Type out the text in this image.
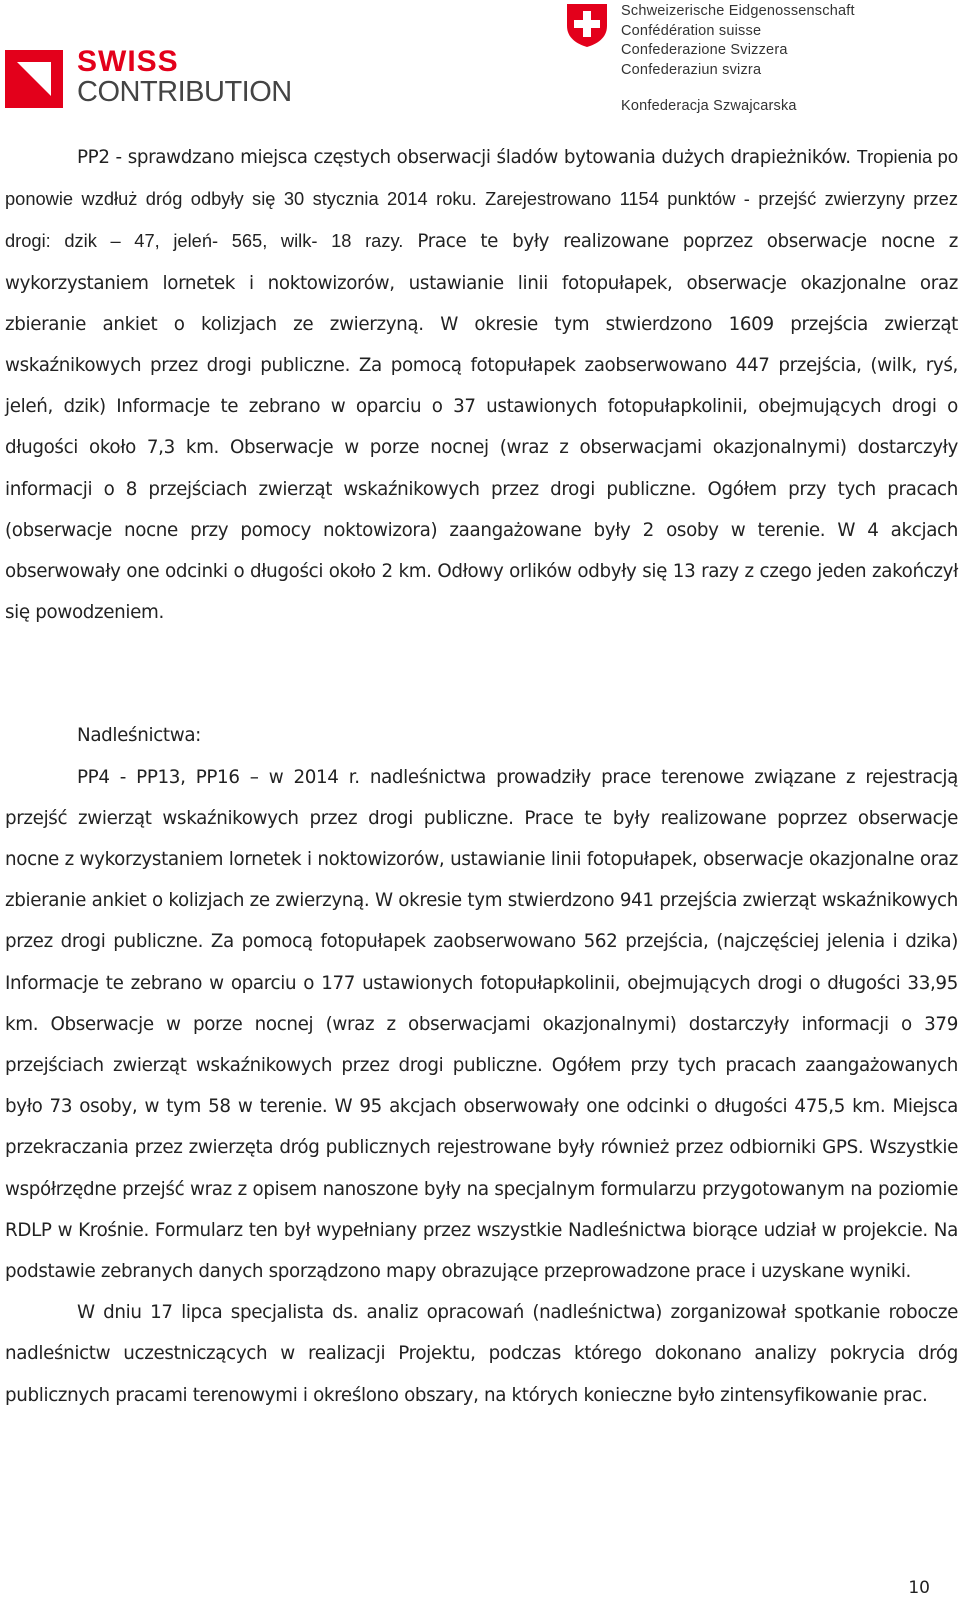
SWISS
CONTRIBUTION
Schweizerische Eidgenossenschaft
Confédération suisse
Confederazione Svizzera
Confederaziun svizra
Konfederacja Szwajcarska

PP2 - sprawdzano miejsca częstych obserwacji śladów bytowania dużych drapieżników. Tropienia po ponowie wzdłuż dróg odbyły się 30 stycznia 2014 roku. Zarejestrowano 1154 punktów - przejść zwierzyny przez drogi: dzik – 47, jeleń- 565, wilk- 18 razy. Prace te były realizowane poprzez obserwacje nocne z wykorzystaniem lornetek i noktowizorów, ustawianie linii fotopułapek, obserwacje okazjonalne oraz zbieranie ankiet o kolizjach ze zwierzyną. W okresie tym stwierdzono 1609 przejścia zwierząt wskaźnikowych przez drogi publiczne. Za pomocą fotopułapek zaobserwowano 447 przejścia, (wilk, ryś, jeleń, dzik) Informacje te zebrano w oparciu o 37 ustawionych fotopułapkolinii, obejmujących drogi o długości około 7,3 km. Obserwacje w porze nocnej (wraz z obserwacjami okazjonalnymi) dostarczyły informacji o 8 przejściach zwierząt wskaźnikowych przez drogi publiczne. Ogółem przy tych pracach (obserwacje nocne przy pomocy noktowizora) zaangażowane były 2 osoby w terenie. W 4 akcjach obserwowały one odcinki o długości około 2 km. Odłowy orlików odbyły się 13 razy z czego jeden zakończył się powodzeniem.

Nadleśnictwa:

PP4 - PP13, PP16 – w 2014 r. nadleśnictwa prowadziły prace terenowe związane z rejestracją przejść zwierząt wskaźnikowych przez drogi publiczne. Prace te były realizowane poprzez obserwacje nocne z wykorzystaniem lornetek i noktowizorów, ustawianie linii fotopułapek, obserwacje okazjonalne oraz zbieranie ankiet o kolizjach ze zwierzyną. W okresie tym stwierdzono 941 przejścia zwierząt wskaźnikowych przez drogi publiczne. Za pomocą fotopułapek zaobserwowano 562 przejścia, (najczęściej jelenia i dzika) Informacje te zebrano w oparciu o 177 ustawionych fotopułapkolinii, obejmujących drogi o długości 33,95 km. Obserwacje w porze nocnej (wraz z obserwacjami okazjonalnymi) dostarczyły informacji o 379 przejściach zwierząt wskaźnikowych przez drogi publiczne. Ogółem przy tych pracach zaangażowanych było 73 osoby, w tym 58 w terenie. W 95 akcjach obserwowały one odcinki o długości 475,5 km. Miejsca przekraczania przez zwierzęta dróg publicznych rejestrowane były również przez odbiorniki GPS. Wszystkie współrzędne przejść wraz z opisem nanoszone były na specjalnym formularzu przygotowanym na poziomie RDLP w Krośnie. Formularz ten był wypełniany przez wszystkie Nadleśnictwa biorące udział w projekcie. Na podstawie zebranych danych sporządzono mapy obrazujące przeprowadzone prace i uzyskane wyniki.

W dniu 17 lipca specjalista ds. analiz opracowań (nadleśnictwa) zorganizował spotkanie robocze nadleśnictw uczestniczących w realizacji Projektu, podczas którego dokonano analizy pokrycia dróg publicznych pracami terenowymi i określono obszary, na których konieczne było zintensyfikowanie prac.

10
